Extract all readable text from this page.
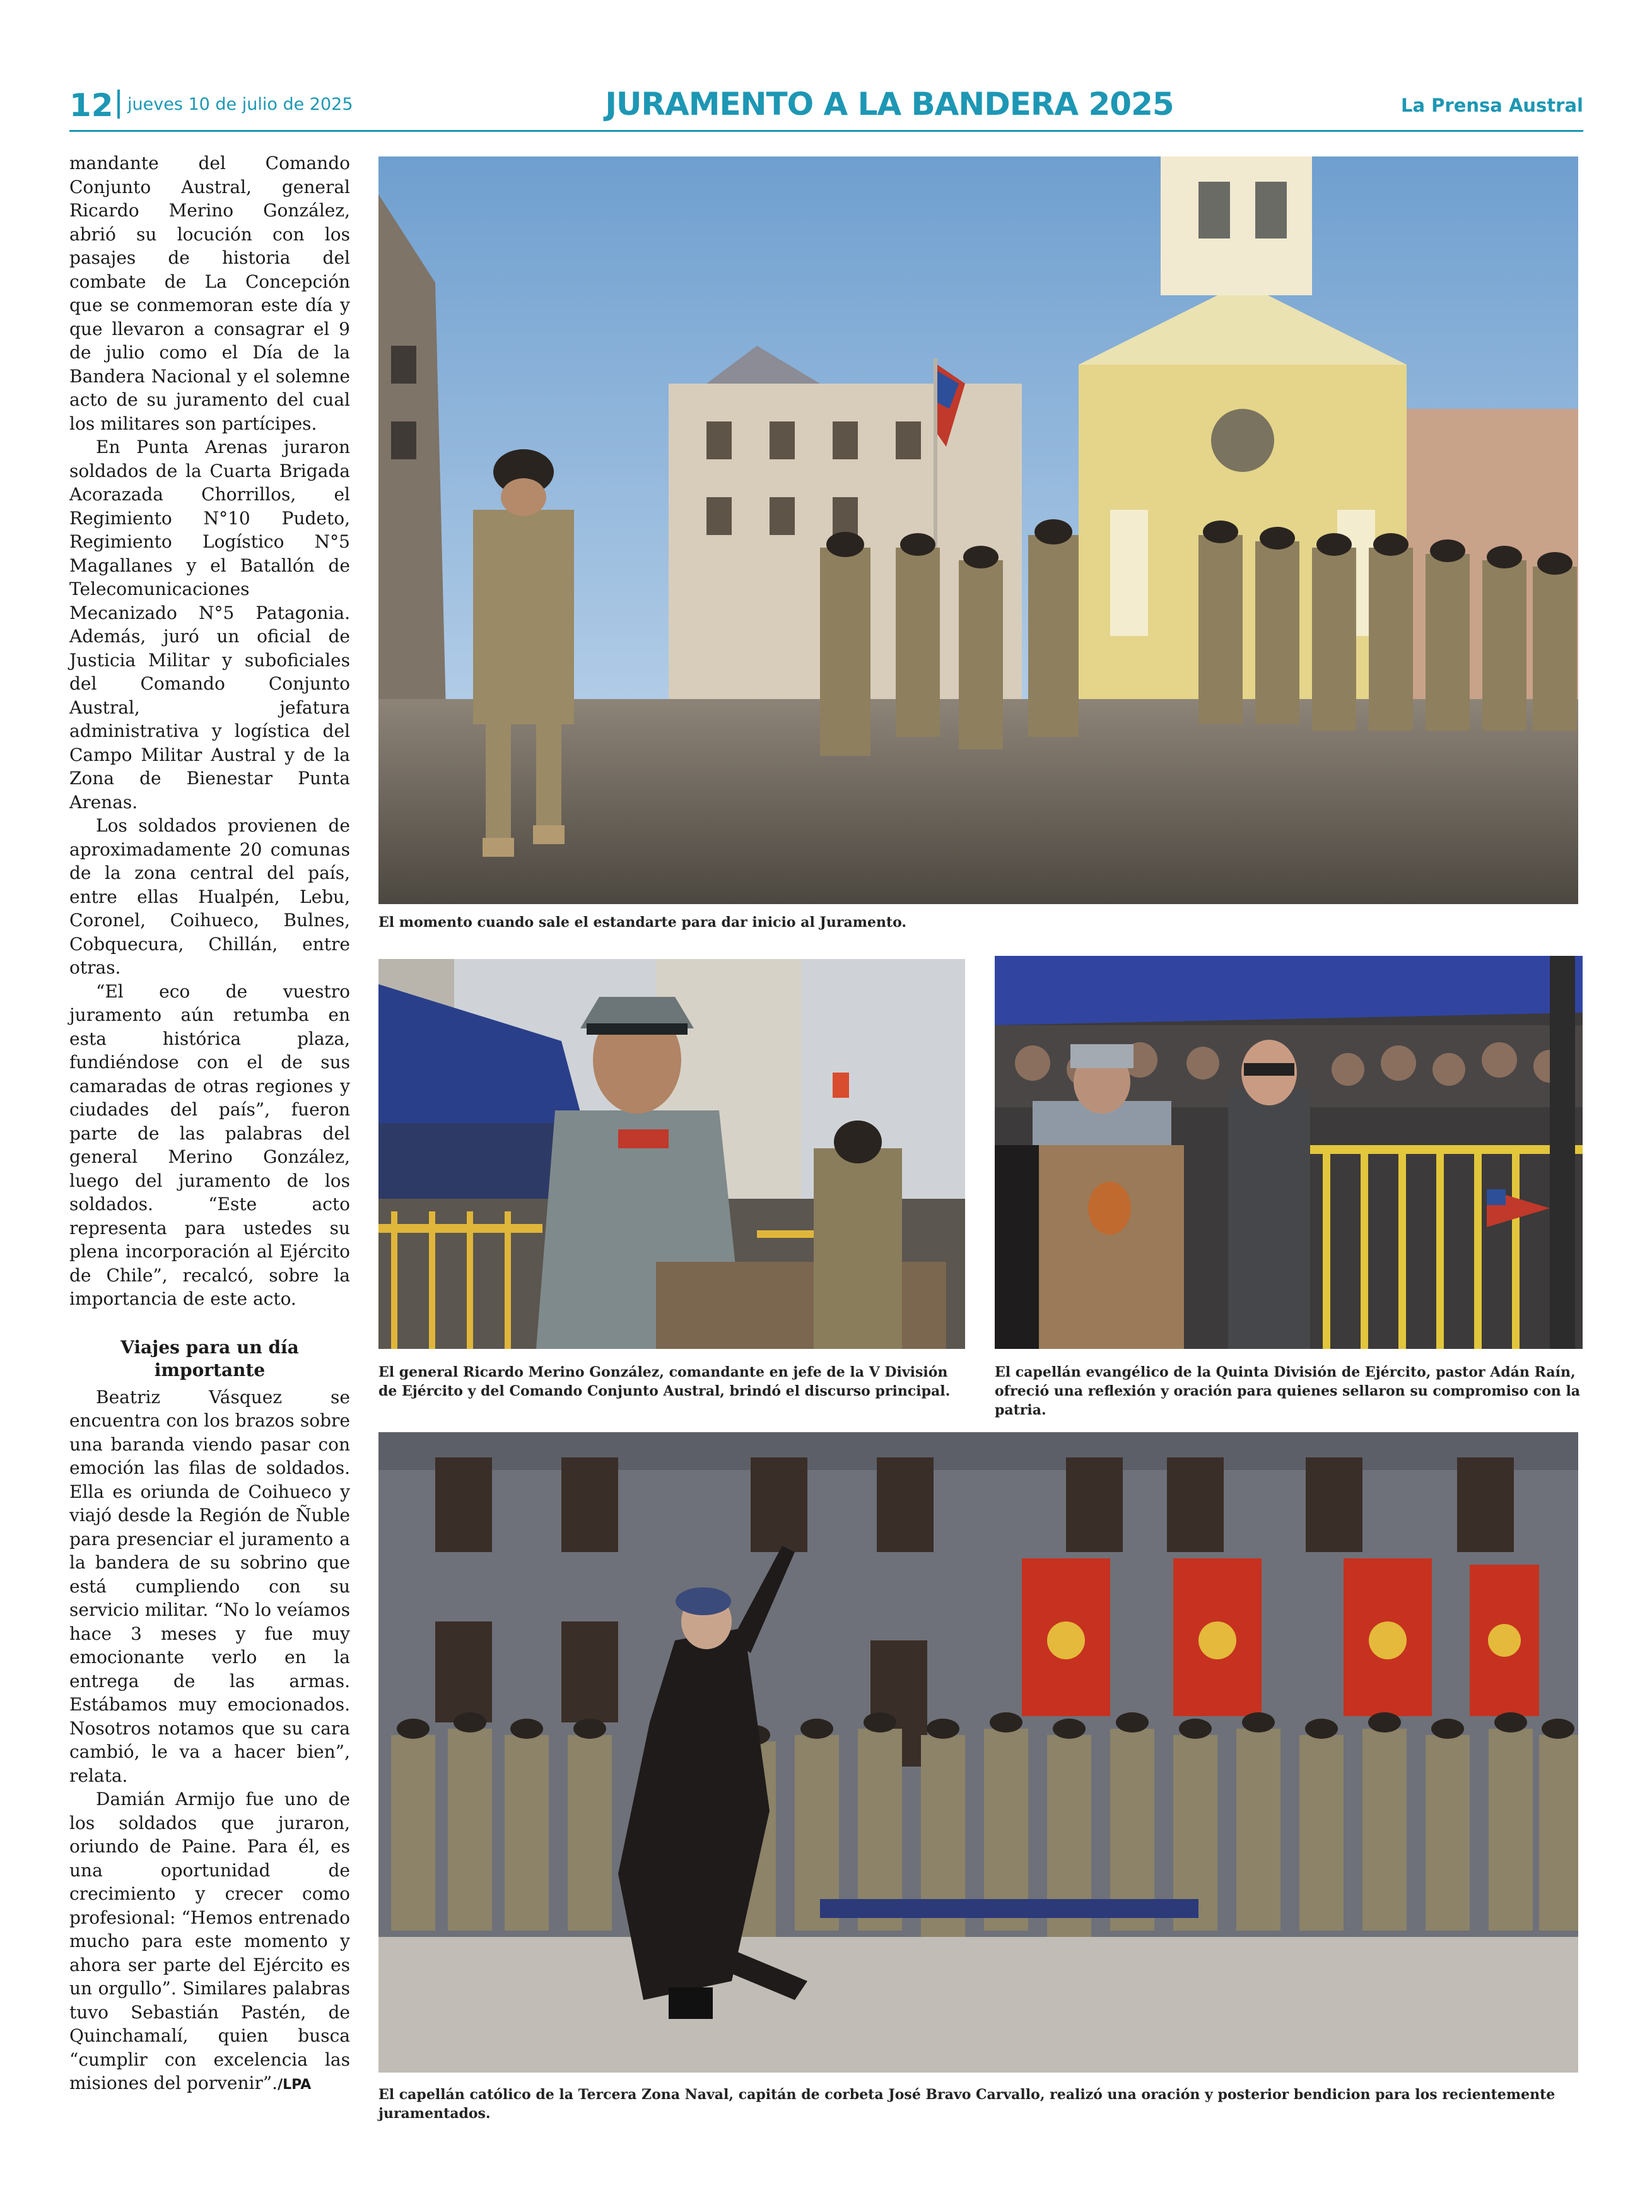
12 jueves 10 de julio de 2025	JURAMENTO A LA BANDERA 2025	La Prensa Austral

mandante del Comando Conjunto Austral, general Ricardo Merino González, abrió su locución con los pasajes de historia del combate de La Concepción que se conmemoran este día y que llevaron a consagrar el 9 de julio como el Día de la Bandera Nacional y el solemne acto de su juramento del cual los militares son partícipes.

En Punta Arenas juraron soldados de la Cuarta Brigada Acorazada Chorrillos, el Regimiento N°10 Pudeto, Regimiento Logístico N°5 Magallanes y el Batallón de Telecomunicaciones Mecanizado N°5 Patagonia. Además, juró un oficial de Justicia Militar y suboficiales del Comando Conjunto Austral, jefatura administrativa y logística del Campo Militar Austral y de la Zona de Bienestar Punta Arenas.

Los soldados provienen de aproximadamente 20 comunas de la zona central del país, entre ellas Hualpén, Lebu, Coronel, Coihueco, Bulnes, Cobquecura, Chillán, entre otras.

“El eco de vuestro juramento aún retumba en esta histórica plaza, fundiéndose con el de sus camaradas de otras regiones y ciudades del país”, fueron parte de las palabras del general Merino González, luego del juramento de los soldados. “Este acto representa para ustedes su plena incorporación al Ejército de Chile”, recalcó, sobre la importancia de este acto.

Viajes para un día importante

Beatriz Vásquez se encuentra con los brazos sobre una baranda viendo pasar con emoción las filas de soldados. Ella es oriunda de Coihueco y viajó desde la Región de Ñuble para presenciar el juramento a la bandera de su sobrino que está cumpliendo con su servicio militar. “No lo veíamos hace 3 meses y fue muy emocionante verlo en la entrega de las armas. Estábamos muy emocionados. Nosotros notamos que su cara cambió, le va a hacer bien”, relata.

Damián Armijo fue uno de los soldados que juraron, oriundo de Paine. Para él, es una oportunidad de crecimiento y crecer como profesional: “Hemos entrenado mucho para este momento y ahora ser parte del Ejército es un orgullo”. Similares palabras tuvo Sebastián Pastén, de Quinchamalí, quien busca “cumplir con excelencia las misiones del porvenir”./LPA

El momento cuando sale el estandarte para dar inicio al Juramento.
El general Ricardo Merino González, comandante en jefe de la V División de Ejército y del Comando Conjunto Austral, brindó el discurso principal.
El capellán evangélico de la Quinta División de Ejército, pastor Adán Raín, ofreció una reflexión y oración para quienes sellaron su compromiso con la patria.
El capellán católico de la Tercera Zona Naval, capitán de corbeta José Bravo Carvallo, realizó una oración y posterior bendicion para los recientemente juramentados.
